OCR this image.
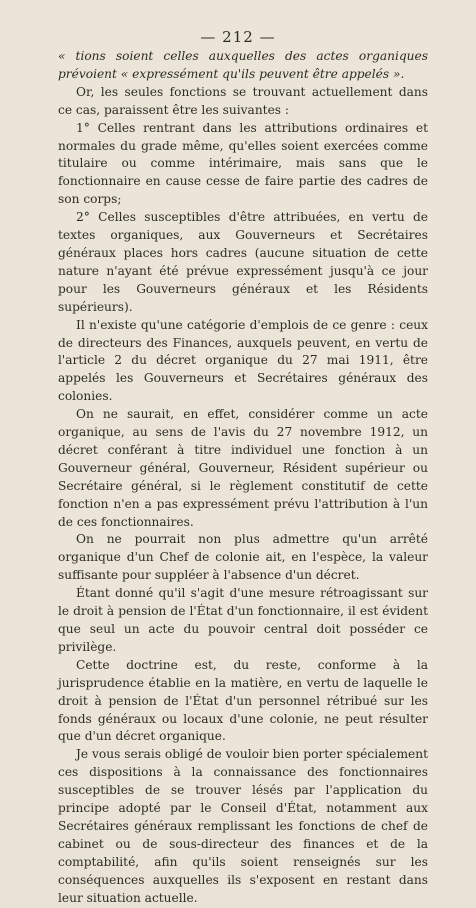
— 212 —

« tions soient celles auxquelles des actes organiques prévoient « expressément qu'ils peuvent être appelés ».

Or, les seules fonctions se trouvant actuellement dans ce cas, paraissent être les suivantes :

1° Celles rentrant dans les attributions ordinaires et normales du grade même, qu'elles soient exercées comme titulaire ou comme intérimaire, mais sans que le fonctionnaire en cause cesse de faire partie des cadres de son corps;

2° Celles susceptibles d'être attribuées, en vertu de textes organiques, aux Gouverneurs et Secrétaires généraux places hors cadres (aucune situation de cette nature n'ayant été prévue expressément jusqu'à ce jour pour les Gouverneurs généraux et les Résidents supérieurs).

Il n'existe qu'une catégorie d'emplois de ce genre : ceux de directeurs des Finances, auxquels peuvent, en vertu de l'article 2 du décret organique du 27 mai 1911, être appelés les Gouverneurs et Secrétaires généraux des colonies.

On ne saurait, en effet, considérer comme un acte organique, au sens de l'avis du 27 novembre 1912, un décret conférant à titre individuel une fonction à un Gouverneur général, Gouverneur, Résident supérieur ou Secrétaire général, si le règlement constitutif de cette fonction n'en a pas expressément prévu l'attribution à l'un de ces fonctionnaires.

On ne pourrait non plus admettre qu'un arrêté organique d'un Chef de colonie ait, en l'espèce, la valeur suffisante pour suppléer à l'absence d'un décret.

Étant donné qu'il s'agit d'une mesure rétroagissant sur le droit à pension de l'État d'un fonctionnaire, il est évident que seul un acte du pouvoir central doit posséder ce privilège.

Cette doctrine est, du reste, conforme à la jurisprudence établie en la matière, en vertu de laquelle le droit à pension de l'État d'un personnel rétribué sur les fonds généraux ou locaux d'une colonie, ne peut résulter que d'un décret organique.

Je vous serais obligé de vouloir bien porter spécialement ces dispositions à la connaissance des fonctionnaires susceptibles de se trouver lésés par l'application du principe adopté par le Conseil d'État, notamment aux Secrétaires généraux remplissant les fonctions de chef de cabinet ou de sous-directeur des finances et de la comptabilité, afin qu'ils soient renseignés sur les conséquences auxquelles ils s'exposent en restant dans leur situation actuelle.
